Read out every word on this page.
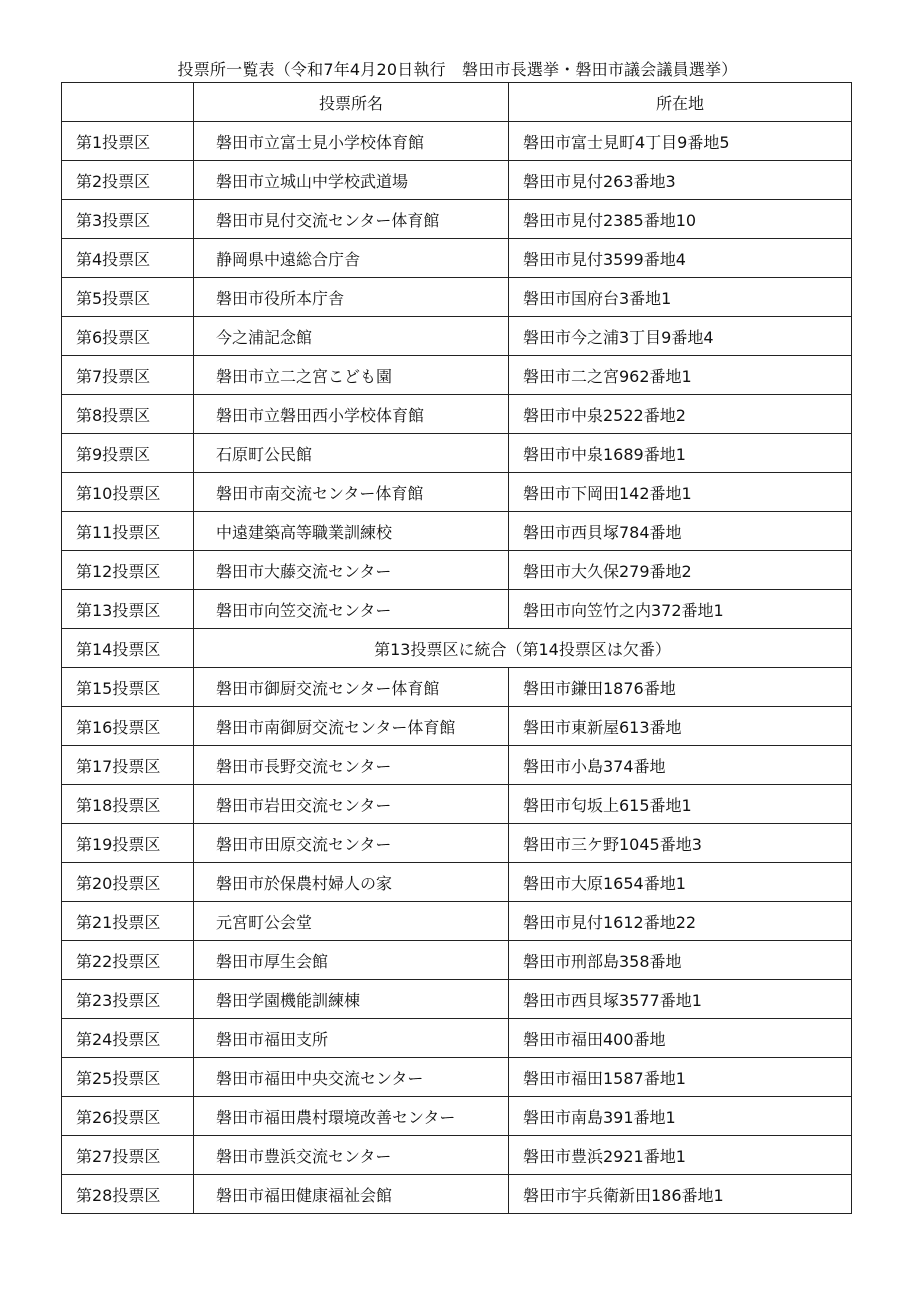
投票所一覧表（令和7年4月20日執行　磐田市長選挙・磐田市議会議員選挙）
	投票所名	所在地
第1投票区	磐田市立富士見小学校体育館	磐田市富士見町4丁目9番地5
第2投票区	磐田市立城山中学校武道場	磐田市見付263番地3
第3投票区	磐田市見付交流センター体育館	磐田市見付2385番地10
第4投票区	静岡県中遠総合庁舎	磐田市見付3599番地4
第5投票区	磐田市役所本庁舎	磐田市国府台3番地1
第6投票区	今之浦記念館	磐田市今之浦3丁目9番地4
第7投票区	磐田市立二之宮こども園	磐田市二之宮962番地1
第8投票区	磐田市立磐田西小学校体育館	磐田市中泉2522番地2
第9投票区	石原町公民館	磐田市中泉1689番地1
第10投票区	磐田市南交流センター体育館	磐田市下岡田142番地1
第11投票区	中遠建築高等職業訓練校	磐田市西貝塚784番地
第12投票区	磐田市大藤交流センター	磐田市大久保279番地2
第13投票区	磐田市向笠交流センター	磐田市向笠竹之内372番地1
第14投票区	第13投票区に統合（第14投票区は欠番）	
第15投票区	磐田市御厨交流センター体育館	磐田市鎌田1876番地
第16投票区	磐田市南御厨交流センター体育館	磐田市東新屋613番地
第17投票区	磐田市長野交流センター	磐田市小島374番地
第18投票区	磐田市岩田交流センター	磐田市匂坂上615番地1
第19投票区	磐田市田原交流センター	磐田市三ケ野1045番地3
第20投票区	磐田市於保農村婦人の家	磐田市大原1654番地1
第21投票区	元宮町公会堂	磐田市見付1612番地22
第22投票区	磐田市厚生会館	磐田市刑部島358番地
第23投票区	磐田学園機能訓練棟	磐田市西貝塚3577番地1
第24投票区	磐田市福田支所	磐田市福田400番地
第25投票区	磐田市福田中央交流センター	磐田市福田1587番地1
第26投票区	磐田市福田農村環境改善センター	磐田市南島391番地1
第27投票区	磐田市豊浜交流センター	磐田市豊浜2921番地1
第28投票区	磐田市福田健康福祉会館	磐田市宇兵衛新田186番地1
